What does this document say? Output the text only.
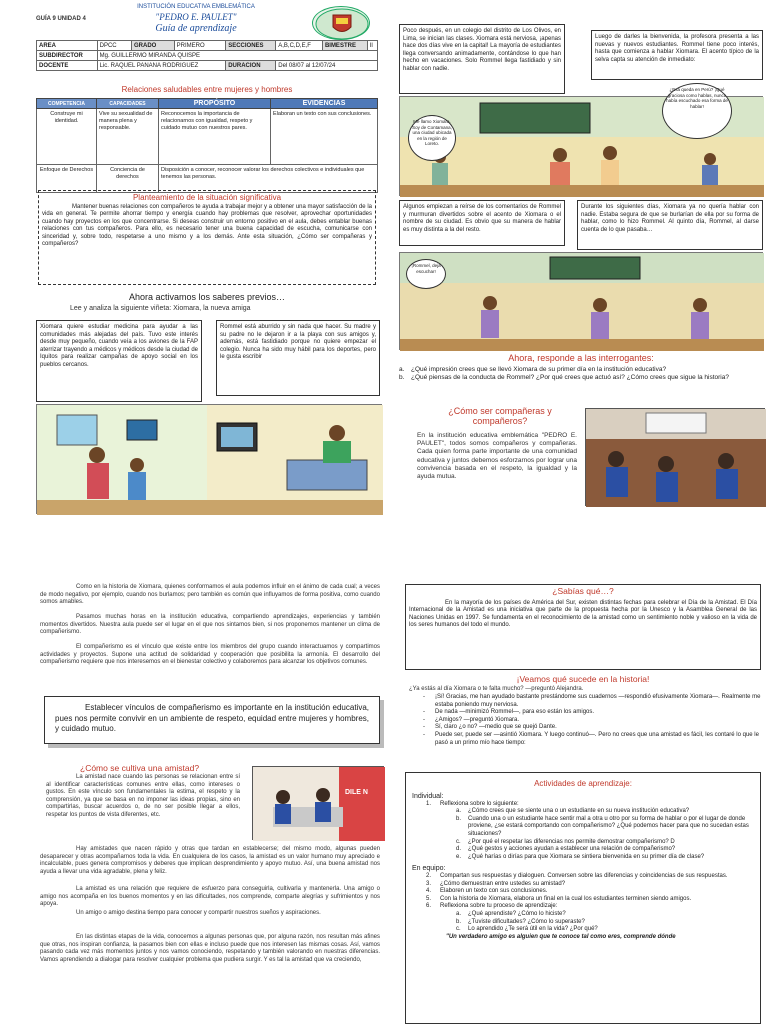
GUÍA 9 UNIDAD 4
INSTITUCIÓN EDUCATIVA EMBLEMÁTICA
"PEDRO E. PAULET"
Guía de aprendizaje
AREA	DPCC	GRADO	PRIMERO	SECCIONES	A,B,C,D,E,F	BIMESTRE	II
SUBDIRECTOR	Mg. GUILLERMO MIRANDA QUISPE						
DOCENTE	Lic. RAQUEL PANANA RODRIGUEZ			DURACION	Del 08/07 al 12/07/24		
Relaciones saludables entre mujeres y hombres
COMPETENCIA	CAPACIDADES	PROPÓSITO	EVIDENCIAS
Construye mi identidad.	Vive su sexualidad de manera plena y responsable.	Reconocemos la importancia de relacionarnos con igualdad, respeto y cuidado mutuo con nuestros pares.	Elaboran un texto con sus conclusiones.
Enfoque de Derechos	Conciencia de derechos	Disposición a conocer, reconocer valorar los derechos colectivos e individuales que tenemos las personas.	
Planteamiento de la situación significativa
Mantener buenas relaciones con compañeros te ayuda a trabajar mejor y a obtener una mayor satisfacción de la vida en general. Te permite ahorrar tiempo y energía cuando hay problemas que resolver, aprovechar oportunidades cuando hay proyectos en los que concentrarse. Si deseas construir un entorno positivo en el aula, debes entablar buenas relaciones con tus compañeros. Para ello, es necesario tener una buena capacidad de escucha, comunicarse con sinceridad y, sobre todo, respetarse a uno mismo y a los demás. Ante esta situación, ¿Cómo ser compañeras y compañeros?
Ahora activamos los saberes previos…
Lee y analiza la siguiente viñeta: Xiomara, la nueva amiga
Xiomara quiere estudiar medicina para ayudar a las comunidades más alejadas del país. Tuvo este interés desde muy pequeño, cuando veía a los aviones de la FAP aterrizar trayendo a médicos y médicos desde la ciudad de Iquitos para realizar campañas de apoyo social en los pueblos cercanos.
Rommel está aburrido y sin nada que hacer. Su madre y su padre no le dejaron ir a la playa con sus amigos y, además, está fastidiado porque no quiere empezar el colegio. Nunca ha sido muy hábil para los deportes, pero le gusta escribir
Poco después, en un colegio del distrito de Los Olivos, en Lima, se inician las clases. Xiomara está nerviosa, ¡apenas hace dos días vive en la capital! La mayoría de estudiantes llega conversando animadamente, contándose lo que han hecho en vacaciones. Solo Rommel llega fastidiado y sin hablar con nadie.
Luego de darles la bienvenida, la profesora presenta a las nuevas y nuevos estudiantes. Rommel tiene poco interés, hasta que comienza a hablar Xiomara. El acento típico de la selva capta su atención de inmediato:
Me llamo Xiomara. Soy de Contamana, una ciudad ubicada en la región de Loreto.
¿Esa queda en Perú? ¡Qué graciosa como hablas, nunca había escuchado esa forma de hablar!
Algunos empiezan a reírse de los comentarios de Rommel y murmuran divertidos sobre el acento de Xiomara o el nombre de su ciudad. Es obvio que su manera de hablar es muy distinta a la del resto.
Durante los siguientes días, Xiomara ya no quería hablar con nadie. Estaba segura de que se burlarían de ella por su forma de hablar, como lo hizo Rommel. Al quinto día, Rommel, al darse cuenta de lo que pasaba…
¡Rommel, deja escuchar!
Ahora, responde a las interrogantes:
a. ¿Qué impresión crees que se llevó Xiomara de su primer día en la institución educativa?
b. ¿Qué piensas de la conducta de Rommel? ¿Por qué crees que actuó así? ¿Cómo crees que sigue la historia?
¿Cómo ser compañeras y compañeros?
En la institución educativa emblemática "PEDRO E. PAULET", todos somos compañeros y compañeras. Cada quien forma parte importante de una comunidad educativa y juntos debemos esforzarnos por lograr una convivencia basada en el respeto, la igualdad y la ayuda mutua.
Como en la historia de Xiomara, quienes conformamos el aula podemos influir en el ánimo de cada cual; a veces de modo negativo, por ejemplo, cuando nos burlamos; pero también es común que influyamos de forma positiva, como cuando somos amables.
Pasamos muchas horas en la institución educativa, compartiendo aprendizajes, experiencias y también momentos divertidos. Nuestra aula puede ser el lugar en el que nos sintamos bien, si nos proponemos mantener un clima de compañerismo.
El compañerismo es el vínculo que existe entre los miembros del grupo cuando interactuamos y compartimos actividades y proyectos. Supone una actitud de solidaridad y cooperación que posibilita la armonía. El desarrollo del compañerismo requiere que nos interesemos en el bienestar colectivo y colaboremos para alcanzar los objetivos comunes.
Establecer vínculos de compañerismo es importante en la institución educativa, pues nos permite convivir en un ambiente de respeto, equidad entre mujeres y hombres, y cuidado mutuo.
¿Cómo se cultiva una amistad?
La amistad nace cuando las personas se relacionan entre sí al identificar características comunes entre ellas, como intereses o gustos. En este vínculo son fundamentales la estima, el respeto y la comprensión, ya que se basa en no imponer las ideas propias, sino en compartirlas, buscar acuerdos o, de no ser posible llegar a ellos, respetar los puntos de vista diferentes, etc.
DILE N
Hay amistades que nacen rápido y otras que tardan en establecerse; del mismo modo, algunas pueden desaparecer y otras acompañarnos toda la vida. En cualquiera de los casos, la amistad es un valor humano muy apreciado e incalculable, pues genera compromisos y deberes que implican desprendimiento y apoyo mutuo. Así, una buena amistad nos ayuda a llevar una vida agradable, plena y feliz.
La amistad es una relación que requiere de esfuerzo para conseguirla, cultivarla y mantenerla. Una amigo o amigo nos acompaña en los buenos momentos y en las dificultades, nos comprende, comparte alegrías y sufrimientos y nos apoya.
Un amigo o amigo destina tiempo para conocer y compartir nuestros sueños y aspiraciones.
En las distintas etapas de la vida, conocemos a algunas personas que, por alguna razón, nos resultan más afines que otras, nos inspiran confianza, la pasamos bien con ellas e incluso puede que nos interesen las mismas cosas. Así, vamos pasando cada vez más momentos juntos y nos vamos conociendo, respetando y también valorando en nuestras diferencias. Vamos aprendiendo a dialogar para resolver cualquier problema que pudiera surgir. Y es tal la amistad que va creciendo,
¿Sabías qué…?
En la mayoría de los países de América del Sur, existen distintas fechas para celebrar el Día de la Amistad. El Día Internacional de la Amistad es una iniciativa que parte de la propuesta hecha por la Unesco y la Asamblea General de las Naciones Unidas en 1997. Se fundamenta en el reconocimiento de la amistad como un sentimiento noble y valioso en la vida de los seres humanos del todo el mundo.
¡Veamos qué sucede en la historia!
¿Ya estás al día Xiomara o te falta mucho? —preguntó Alejandra.
- ¡Sí! Gracias, me han ayudado bastante prestándome sus cuadernos —respondió efusivamente Xiomara—. Realmente me estaba poniendo muy nerviosa.
- De nada —minimizó Rommel—, para eso están los amigos.
- ¿Amigos? —preguntó Xiomara.
- Sí, claro ¿o no? —medio que se quejó Dante.
- Puede ser, puede ser —asintió Xiomara. Y luego continuó—. Pero no crees que una amistad es fácil, les contaré lo que le pasó a un primo mío hace tiempo:
Actividades de aprendizaje:
Individual:
1. Reflexiona sobre lo siguiente:
a. ¿Cómo crees que se siente una o un estudiante en su nueva institución educativa?
b. Cuando una o un estudiante hace sentir mal a otra u otro por su forma de hablar o por el lugar de donde proviene, ¿se estará comportando con compañerismo? ¿Qué podemos hacer para que no sucedan estas situaciones?
c. ¿Por qué el respetar las diferencias nos permite demostrar compañerismo? D
d. ¿Qué gestos y acciones ayudan a establecer una relación de compañerismo?
e. ¿Qué harías o dirías para que Xiomara se sintiera bienvenida en su primer día de clase?
En equipo:
2. Compartan sus respuestas y dialoguen. Conversen sobre las diferencias y coincidencias de sus respuestas.
3. ¿Cómo demuestran entre ustedes su amistad?
4. Elaboren un texto con sus conclusiones.
5. Con la historia de Xiomara, elabora un final en la cual los estudiantes terminen siendo amigos.
6. Reflexiona sobre tu proceso de aprendizaje:
a. ¿Qué aprendiste? ¿Cómo lo hiciste?
b. ¿Tuviste dificultades? ¿Cómo lo superaste?
c. Lo aprendido ¿Te será útil en la vida? ¿Por qué?
"Un verdadero amigo es alguien que te conoce tal como eres, comprende dónde
